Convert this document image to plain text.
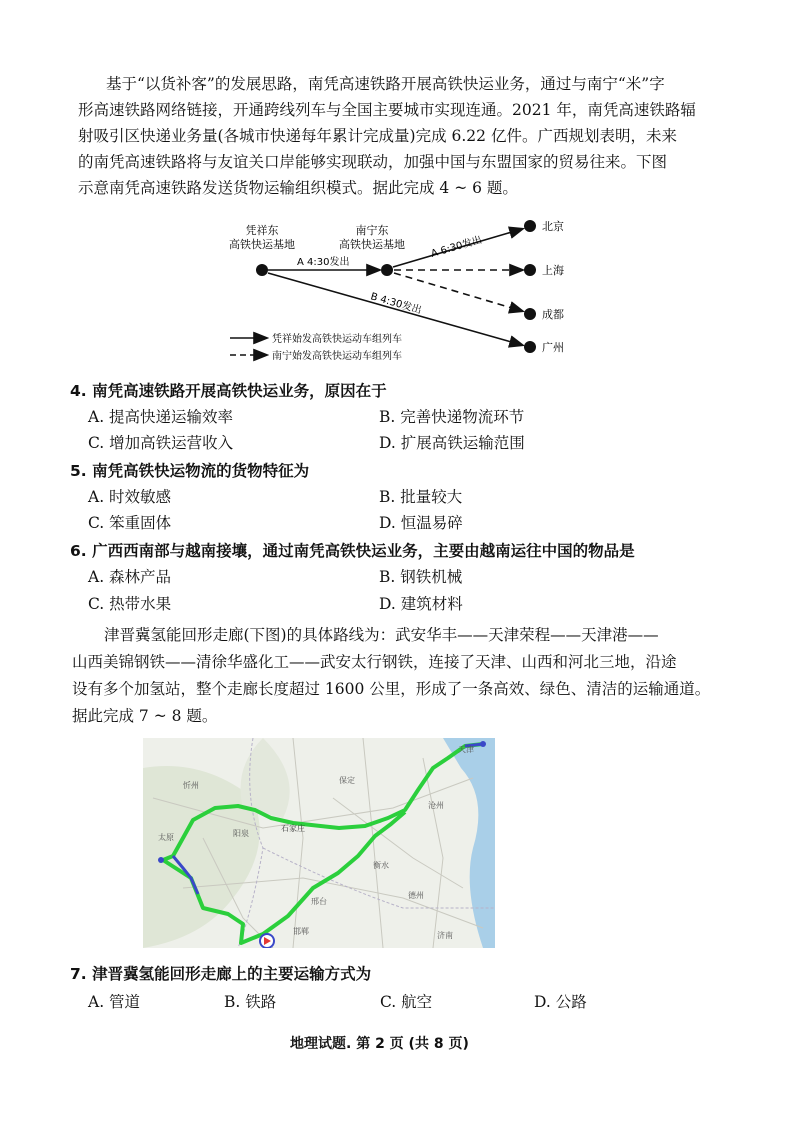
基于“以货补客”的发展思路，南凭高速铁路开展高铁快运业务，通过与南宁“米”字
形高速铁路网络链接，开通跨线列车与全国主要城市实现连通。2021 年，南凭高速铁路辐
射吸引区快递业务量(各城市快递每年累计完成量)完成 6.22 亿件。广西规划表明，未来
的南凭高速铁路将与友谊关口岸能够实现联动，加强中国与东盟国家的贸易往来。下图
示意南凭高速铁路发送货物运输组织模式。据此完成 4 ~ 6 题。
凭祥东
高铁快运基地
南宁东
高铁快运基地
A 4:30发出
A 6:30发出
B 4:30发出
北京
上海
成都
广州
凭祥始发高铁快运动车组列车
南宁始发高铁快运动车组列车
4. 南凭高速铁路开展高铁快运业务，原因在于
A. 提高快递运输效率	B. 完善快递物流环节
C. 增加高铁运营收入	D. 扩展高铁运输范围
5. 南凭高铁快运物流的货物特征为
A. 时效敏感	B. 批量较大
C. 笨重固体	D. 恒温易碎
6. 广西西南部与越南接壤，通过南凭高铁快运业务，主要由越南运往中国的物品是
A. 森林产品	B. 钢铁机械
C. 热带水果	D. 建筑材料
津晋冀氢能回形走廊(下图)的具体路线为：武安华丰——天津荣程——天津港——
山西美锦钢铁——清徐华盛化工——武安太行钢铁，连接了天津、山西和河北三地，沿途
设有多个加氢站，整个走廊长度超过 1600 公里，形成了一条高效、绿色、清洁的运输通道。
据此完成 7 ~ 8 题。
天津
保定
石家庄
太原	阳泉
忻州
邢台
邯郸	济南
沧州
衡水
德州
7. 津晋冀氢能回形走廊上的主要运输方式为
A. 管道	B. 铁路	C. 航空	D. 公路
地理试题. 第 2 页 (共 8 页)
